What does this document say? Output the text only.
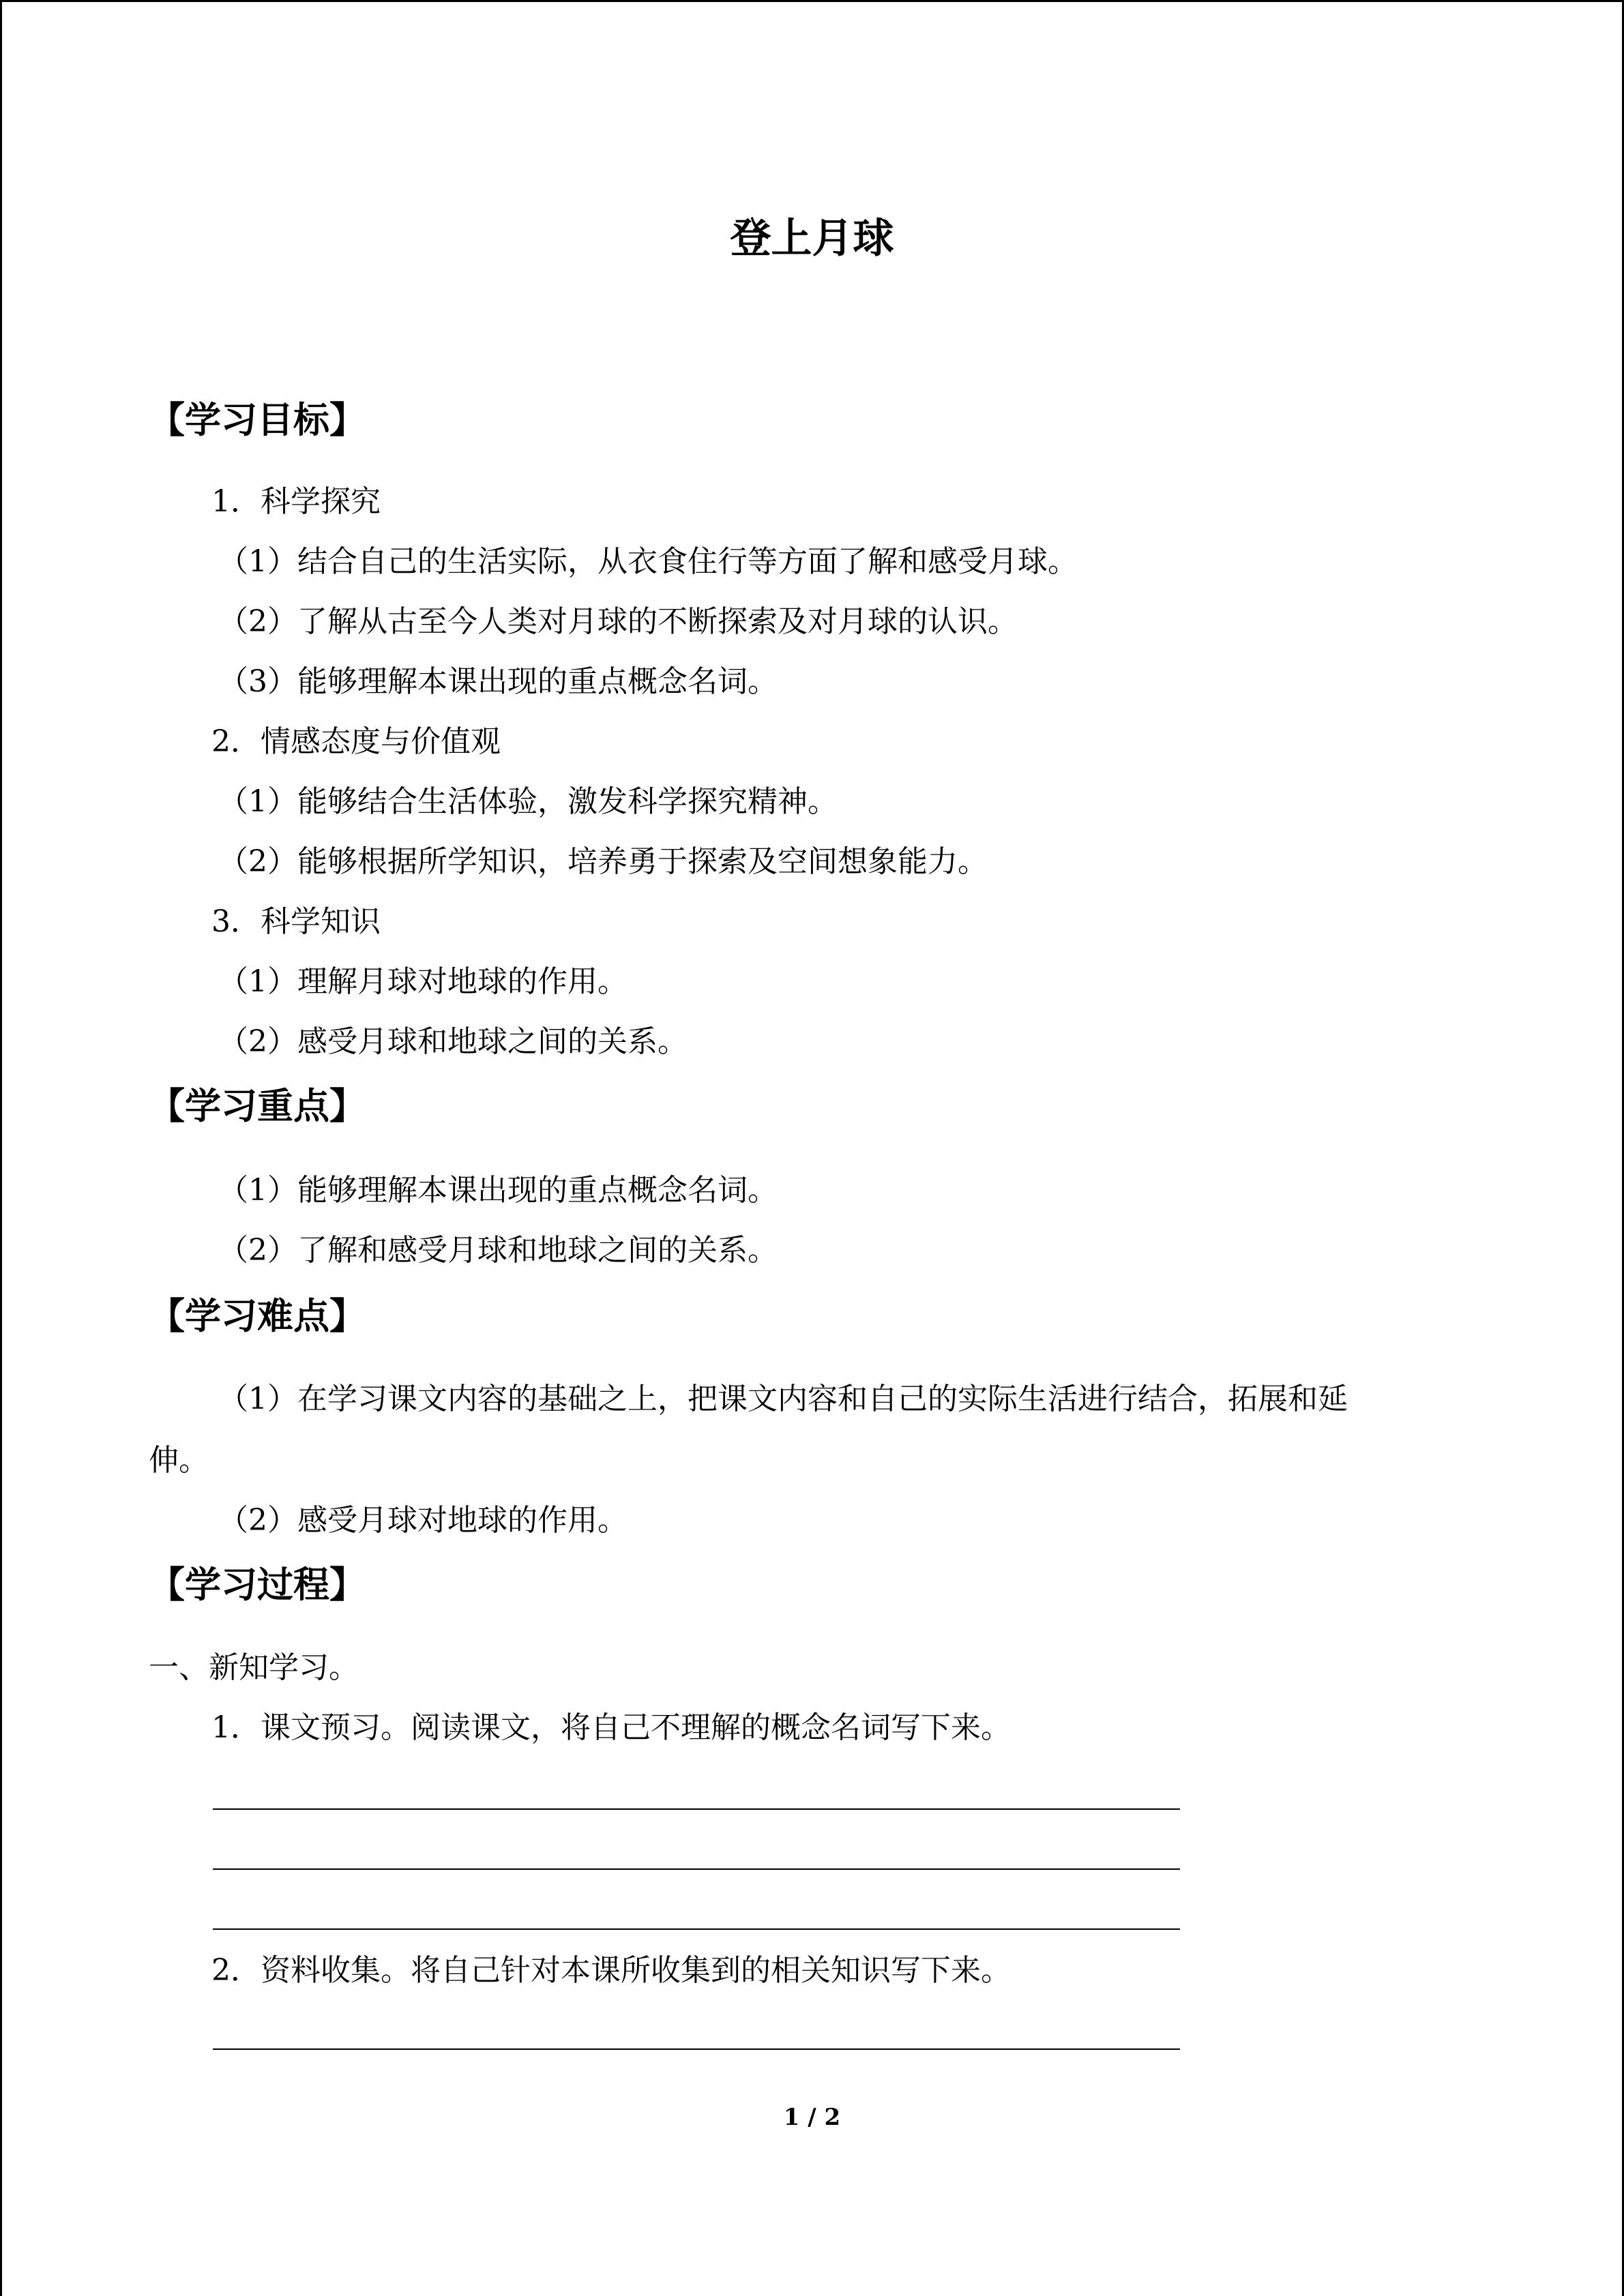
登上月球
【学习目标】
1．科学探究
（1）结合自己的生活实际，从衣食住行等方面了解和感受月球。
（2）了解从古至今人类对月球的不断探索及对月球的认识。
（3）能够理解本课出现的重点概念名词。
2．情感态度与价值观
（1）能够结合生活体验，激发科学探究精神。
（2）能够根据所学知识，培养勇于探索及空间想象能力。
3．科学知识
（1）理解月球对地球的作用。
（2）感受月球和地球之间的关系。
【学习重点】
（1）能够理解本课出现的重点概念名词。
（2）了解和感受月球和地球之间的关系。
【学习难点】
（1）在学习课文内容的基础之上，把课文内容和自己的实际生活进行结合，拓展和延
伸。
（2）感受月球对地球的作用。
【学习过程】
一、新知学习。
1．课文预习。阅读课文，将自己不理解的概念名词写下来。
2．资料收集。将自己针对本课所收集到的相关知识写下来。
1 / 2
